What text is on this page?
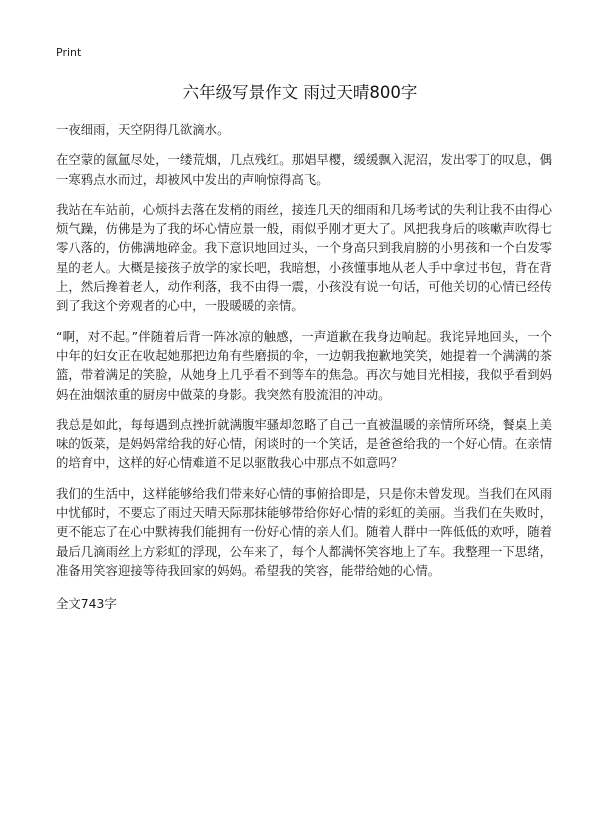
Print
六年级写景作文 雨过天晴800字

一夜细雨，天空阴得几欲滴水。

在空蒙的氤氲尽处，一缕荒烟，几点残红。那娼早樱，缓缓飘入泥沼，发出零丁的叹息，偶一寒鸦点水而过，却被风中发出的声响惊得高飞。

我站在车站前，心烦抖去落在发梢的雨丝，接连几天的细雨和几场考试的失利让我不由得心烦气躁，仿佛是为了我的坏心情应景一般，雨似乎刚才更大了。风把我身后的咳嗽声吹得七零八落的，仿佛满地碎金。我下意识地回过头，一个身高只到我肩膀的小男孩和一个白发零星的老人。大概是接孩子放学的家长吧，我暗想，小孩懂事地从老人手中拿过书包，背在背上，然后搀着老人，动作利落，我不由得一震，小孩没有说一句话，可他关切的心情已经传到了我这个旁观者的心中，一股暖暖的亲情。

“啊，对不起。”伴随着后背一阵冰凉的触感，一声道歉在我身边响起。我诧异地回头，一个中年的妇女正在收起她那把边角有些磨损的伞，一边朝我抱歉地笑笑，她提着一个满满的茶篮，带着满足的笑脸，从她身上几乎看不到等车的焦急。再次与她目光相接，我似乎看到妈妈在油烟浓重的厨房中做菜的身影。我突然有股流泪的冲动。

我总是如此，每每遇到点挫折就满腹牢骚却忽略了自己一直被温暖的亲情所环绕，餐桌上美味的饭菜，是妈妈常给我的好心情，闲谈时的一个笑话，是爸爸给我的一个好心情。在亲情的培育中，这样的好心情难道不足以驱散我心中那点不如意吗？

我们的生活中，这样能够给我们带来好心情的事俯拾即是，只是你未曾发现。当我们在风雨中忧郁时，不要忘了雨过天晴天际那抹能够带给你好心情的彩虹的美丽。当我们在失败时，更不能忘了在心中默祷我们能拥有一份好心情的亲人们。随着人群中一阵低低的欢呼，随着最后几滴雨丝上方彩虹的浮现，公车来了，每个人都满怀笑容地上了车。我整理一下思绪，准备用笑容迎接等待我回家的妈妈。希望我的笑容，能带给她的心情。

全文743字
